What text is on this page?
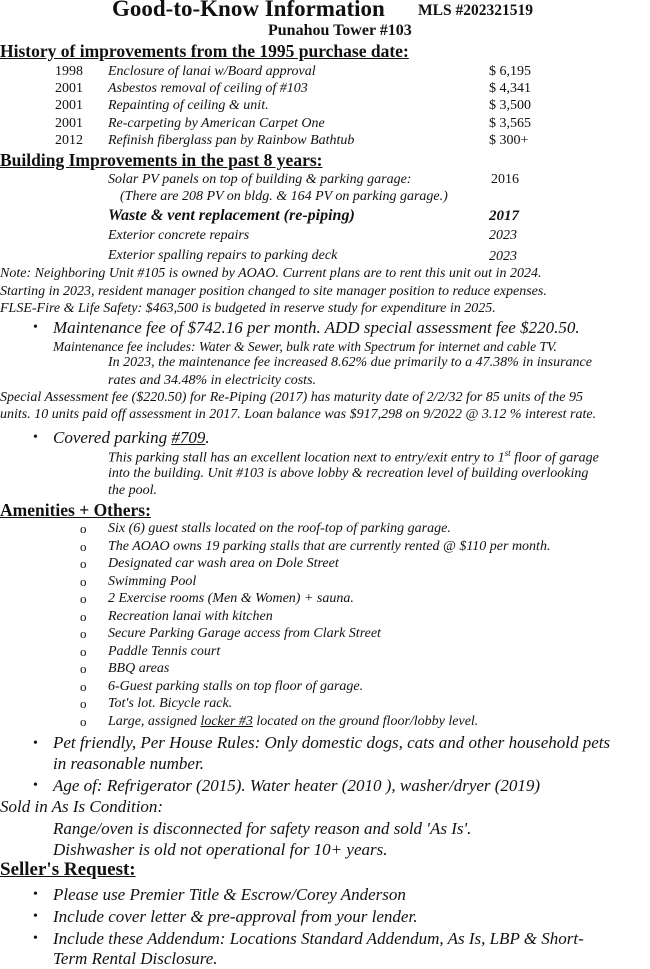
Good-to-Know Information MLS #202321519
Punahou Tower #103
History of improvements from the 1995 purchase date:
1998 Enclosure of lanai w/Board approval	$ 6,195
2001 Asbestos removal of ceiling of #103	$ 4,341
2001 Repainting of ceiling & unit.	$ 3,500
2001 Re-carpeting by American Carpet One	$ 3,565
2012 Refinish fiberglass pan by Rainbow Bathtub	$ 300+
Building Improvements in the past 8 years:
Solar PV panels on top of building & parking garage:	2016
(There are 208 PV on bldg. & 164 PV on parking garage.)
Waste & vent replacement (re-piping)	2017
Exterior concrete repairs	2023
Exterior spalling repairs to parking deck	2023
Note: Neighboring Unit #105 is owned by AOAO. Current plans are to rent this unit out in 2024.
Starting in 2023, resident manager position changed to site manager position to reduce expenses.
FLSE-Fire & Life Safety: $463,500 is budgeted in reserve study for expenditure in 2025.
• Maintenance fee of $742.16 per month. ADD special assessment fee $220.50.
Maintenance fee includes: Water & Sewer, bulk rate with Spectrum for internet and cable TV.
In 2023, the maintenance fee increased 8.62% due primarily to a 47.38% in insurance
rates and 34.48% in electricity costs.
Special Assessment fee ($220.50) for Re-Piping (2017) has maturity date of 2/2/32 for 85 units of the 95
units. 10 units paid off assessment in 2017. Loan balance was $917,298 on 9/2022 @ 3.12 % interest rate.
• Covered parking #709.
This parking stall has an excellent location next to entry/exit entry to 1st floor of garage
into the building. Unit #103 is above lobby & recreation level of building overlooking
the pool.
Amenities + Others:
o Six (6) guest stalls located on the roof-top of parking garage.
o The AOAO owns 19 parking stalls that are currently rented @ $110 per month.
o Designated car wash area on Dole Street
o Swimming Pool
o 2 Exercise rooms (Men & Women) + sauna.
o Recreation lanai with kitchen
o Secure Parking Garage access from Clark Street
o Paddle Tennis court
o BBQ areas
o 6-Guest parking stalls on top floor of garage.
o Tot's lot. Bicycle rack.
o Large, assigned locker #3 located on the ground floor/lobby level.
• Pet friendly, Per House Rules: Only domestic dogs, cats and other household pets
in reasonable number.
• Age of: Refrigerator (2015). Water heater (2010 ), washer/dryer (2019)
Sold in As Is Condition:
Range/oven is disconnected for safety reason and sold 'As Is'.
Dishwasher is old not operational for 10+ years.
Seller's Request:
• Please use Premier Title & Escrow/Corey Anderson
• Include cover letter & pre-approval from your lender.
• Include these Addendum: Locations Standard Addendum, As Is, LBP & Short-
Term Rental Disclosure.
